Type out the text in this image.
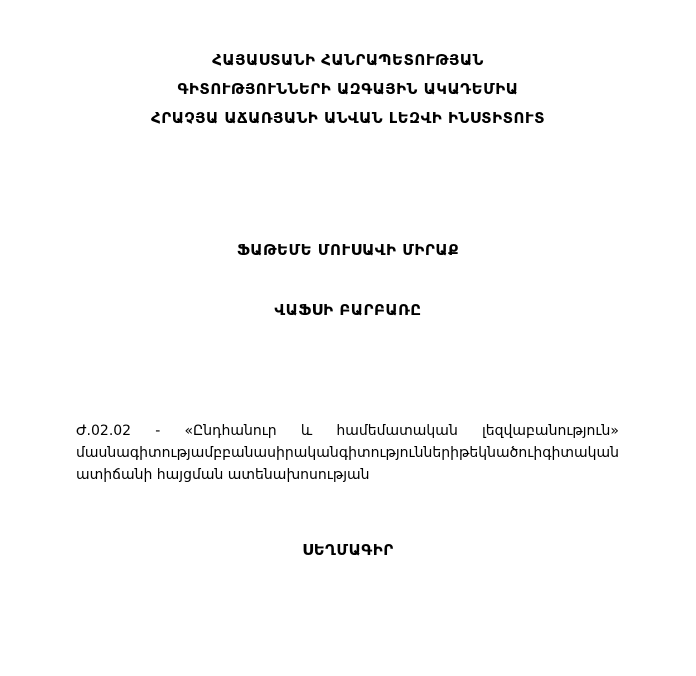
ՀԱՅԱՍՏԱՆԻ ՀԱՆՐԱՊԵՏՈՒԹՅԱՆ
ԳԻՏՈՒԹՅՈՒՆՆԵՐԻ ԱԶԳԱՅԻՆ ԱԿԱԴԵՄԻԱ
ՀՐԱՉՅԱ ԱՃԱՌՅԱՆԻ ԱՆՎԱՆ ԼԵԶՎԻ ԻՆՍՏԻՏՈՒՏ
ՖԱԹԵՄԵ ՄՈՒՍԱՎԻ ՄԻՐԱՔ
ՎԱՖՍԻ ԲԱՐԲԱՌԸ
Ժ.02.02 - «Ընդհանուր և համեմատական լեզվաբանություն»
մասնագիտությամբ բանասիրական գիտությունների թեկնածուի գիտական
ատիճանի հայցման ատենախոսության
ՍԵՂՄԱԳԻՐ
